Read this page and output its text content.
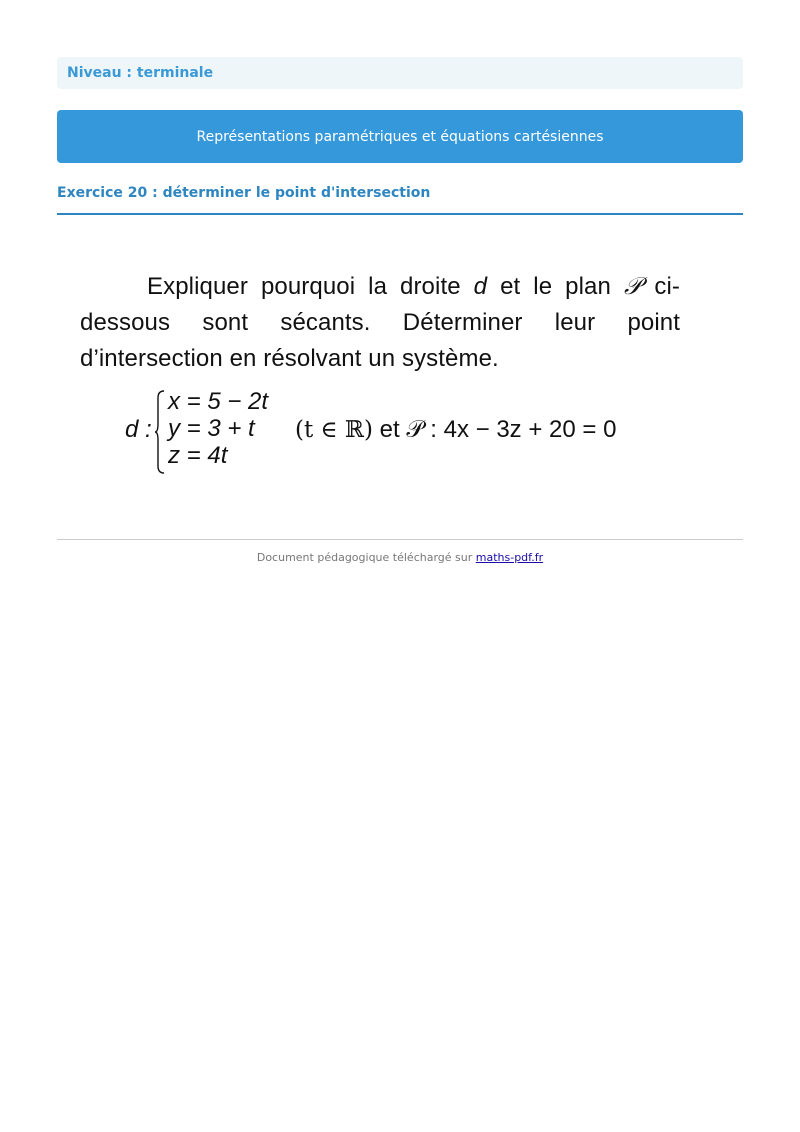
Niveau : terminale
Représentations paramétriques et équations cartésiennes
Exercice 20 : déterminer le point d'intersection

Expliquer pourquoi la droite d et le plan 𝒫 ci-dessous sont sécants. Déterminer leur point d’intersection en résolvant un système.

d :
x = 5 − 2t
y = 3 + t
z = 4t
(t ∈ ℝ) et 𝒫 : 4x − 3z + 20 = 0
Document pédagogique téléchargé sur maths-pdf.fr
